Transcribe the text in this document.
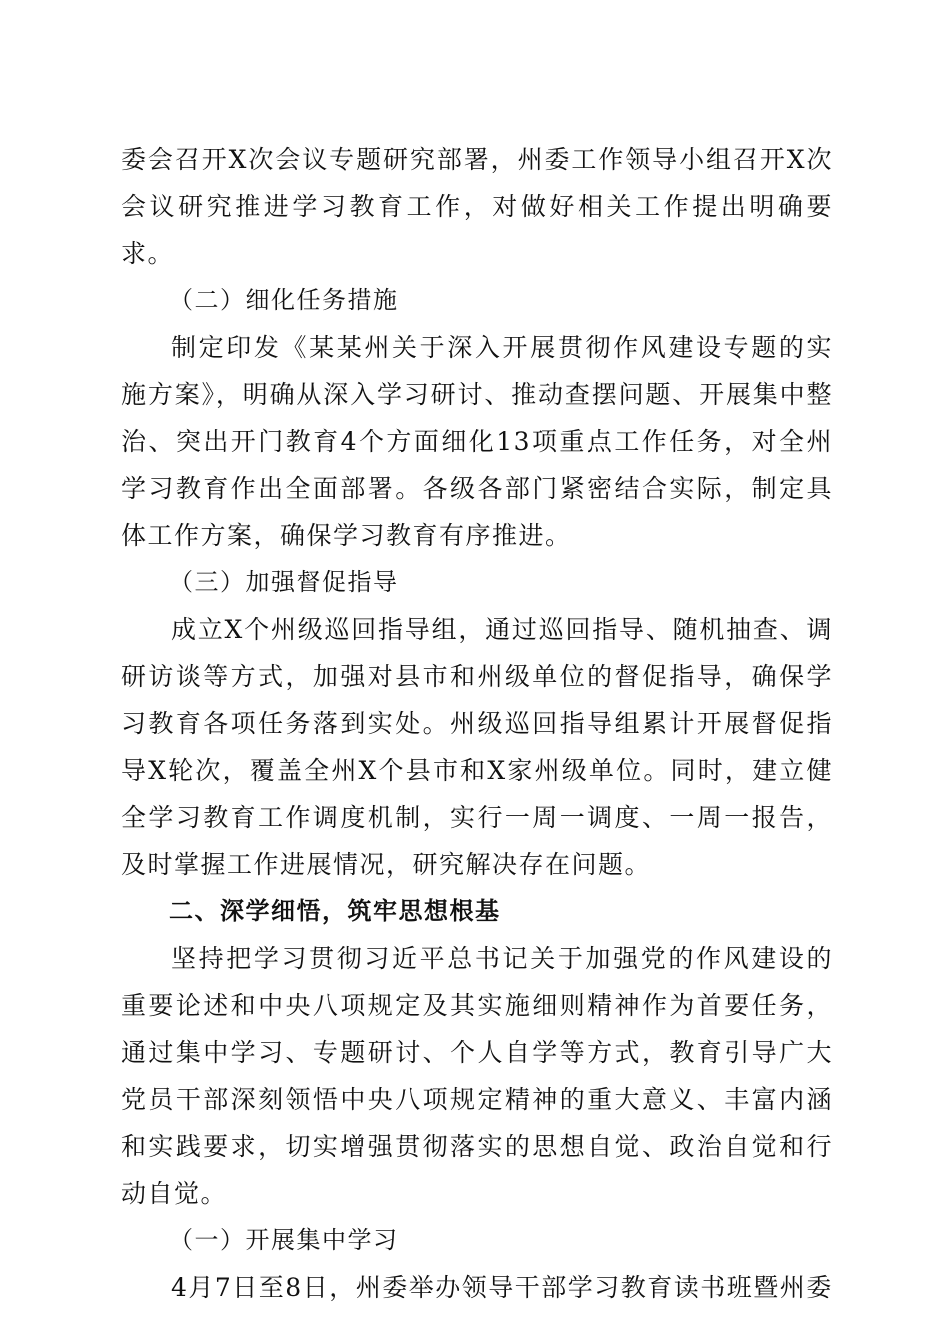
委会召开X次会议专题研究部署，州委工作领导小组召开X次会议研究推进学习教育工作，对做好相关工作提出明确要求。

（二）细化任务措施

制定印发《某某州关于深入开展贯彻作风建设专题的实施方案》，明确从深入学习研讨、推动查摆问题、开展集中整治、突出开门教育4个方面细化13项重点工作任务，对全州学习教育作出全面部署。各级各部门紧密结合实际，制定具体工作方案，确保学习教育有序推进。

（三）加强督促指导

成立X个州级巡回指导组，通过巡回指导、随机抽查、调研访谈等方式，加强对县市和州级单位的督促指导，确保学习教育各项任务落到实处。州级巡回指导组累计开展督促指导X轮次，覆盖全州X个县市和X家州级单位。同时，建立健全学习教育工作调度机制，实行一周一调度、一周一报告，及时掌握工作进展情况，研究解决存在问题。

二、深学细悟，筑牢思想根基

坚持把学习贯彻习近平总书记关于加强党的作风建设的重要论述和中央八项规定及其实施细则精神作为首要任务，通过集中学习、专题研讨、个人自学等方式，教育引导广大党员干部深刻领悟中央八项规定精神的重大意义、丰富内涵和实践要求，切实增强贯彻落实的思想自觉、政治自觉和行动自觉。

（一）开展集中学习

4月7日至8日，州委举办领导干部学习教育读书班暨州委
